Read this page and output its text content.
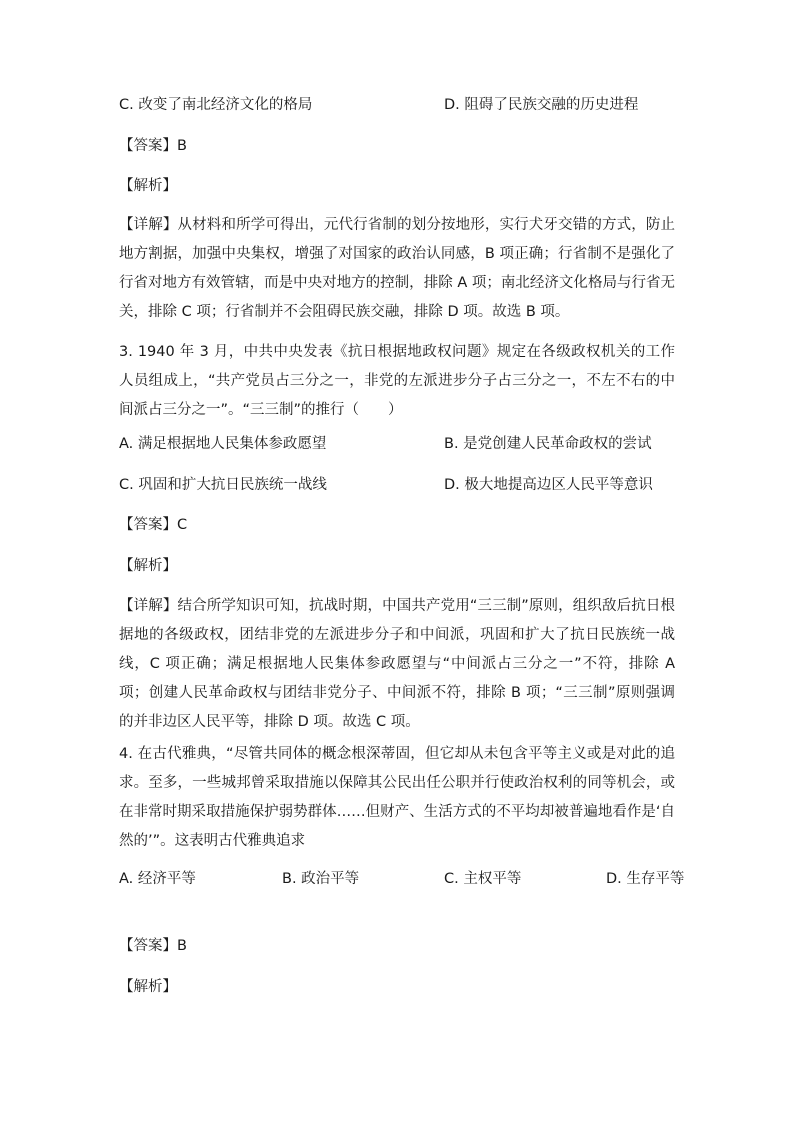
C. 改变了南北经济文化的格局	D. 阻碍了民族交融的历史进程
【答案】B
【解析】
【详解】从材料和所学可得出，元代行省制的划分按地形，实行犬牙交错的方式，防止地方割据，加强中央集权，增强了对国家的政治认同感，B 项正确；行省制不是强化了行省对地方有效管辖，而是中央对地方的控制，排除 A 项；南北经济文化格局与行省无关，排除 C 项；行省制并不会阻碍民族交融，排除 D 项。故选 B 项。
3. 1940 年 3 月，中共中央发表《抗日根据地政权问题》规定在各级政权机关的工作人员组成上，“共产党员占三分之一，非党的左派进步分子占三分之一，不左不右的中间派占三分之一”。“三三制”的推行（　　）
A. 满足根据地人民集体参政愿望	B. 是党创建人民革命政权的尝试
C. 巩固和扩大抗日民族统一战线	D. 极大地提高边区人民平等意识
【答案】C
【解析】
【详解】结合所学知识可知，抗战时期，中国共产党用“三三制”原则，组织敌后抗日根据地的各级政权，团结非党的左派进步分子和中间派，巩固和扩大了抗日民族统一战线，C 项正确；满足根据地人民集体参政愿望与“中间派占三分之一”不符，排除 A 项；创建人民革命政权与团结非党分子、中间派不符，排除 B 项；“三三制”原则强调的并非边区人民平等，排除 D 项。故选 C 项。
4. 在古代雅典，“尽管共同体的概念根深蒂固，但它却从未包含平等主义或是对此的追求。至多，一些城邦曾采取措施以保障其公民出任公职并行使政治权利的同等机会，或在非常时期采取措施保护弱势群体……但财产、生活方式的不平均却被普遍地看作是‘自然的’”。这表明古代雅典追求
A. 经济平等	B. 政治平等	C. 主权平等	D. 生存平等
【答案】B
【解析】
